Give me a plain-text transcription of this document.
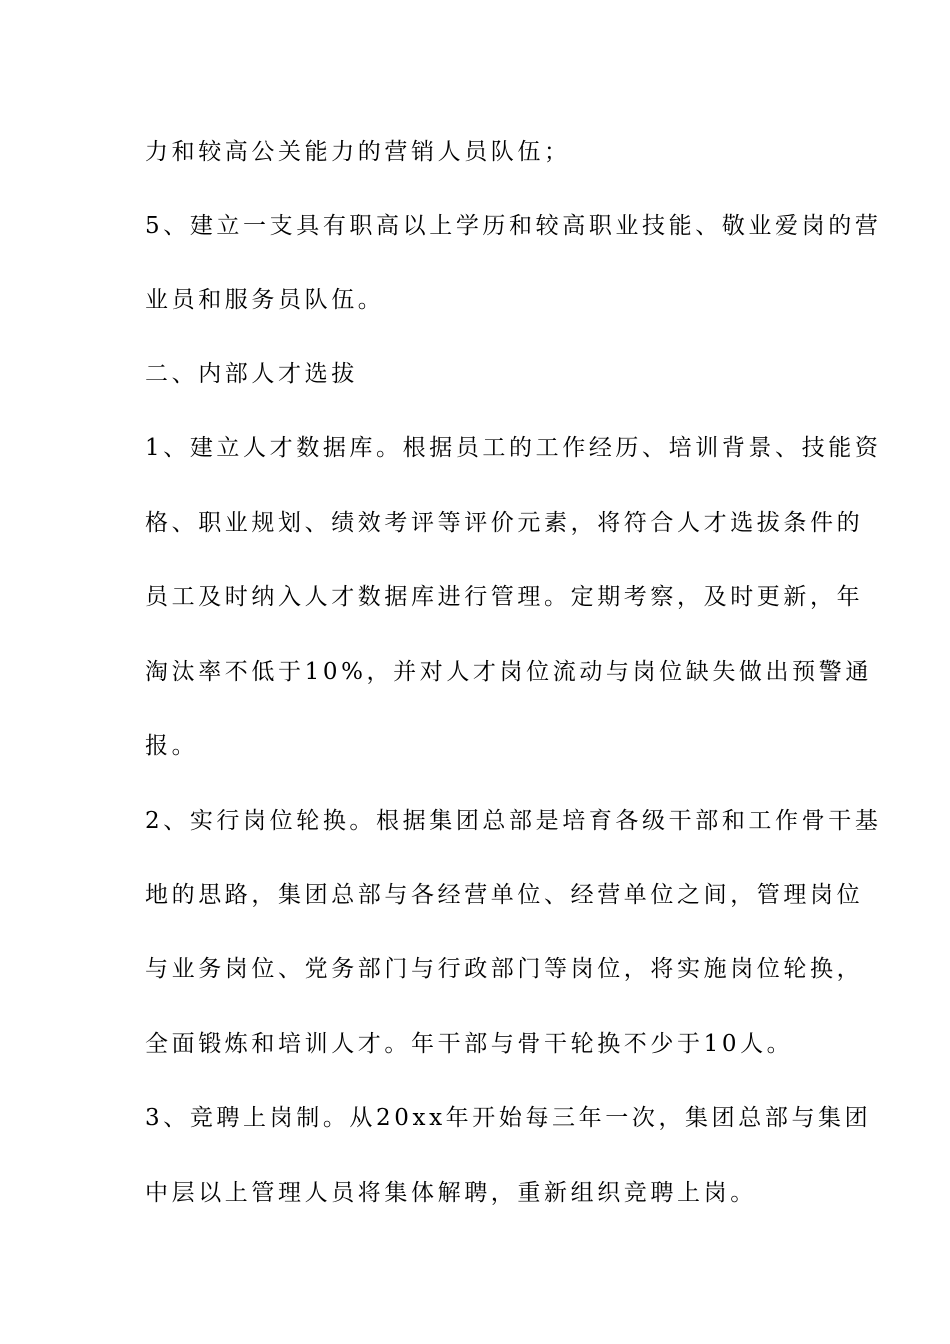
力和较高公关能力的营销人员队伍；
5、建立一支具有职高以上学历和较高职业技能、敬业爱岗的营
业员和服务员队伍。
二、内部人才选拔
1、建立人才数据库。根据员工的工作经历、培训背景、技能资
格、职业规划、绩效考评等评价元素，将符合人才选拔条件的
员工及时纳入人才数据库进行管理。定期考察，及时更新，年
淘汰率不低于10%，并对人才岗位流动与岗位缺失做出预警通
报。
2、实行岗位轮换。根据集团总部是培育各级干部和工作骨干基
地的思路，集团总部与各经营单位、经营单位之间，管理岗位
与业务岗位、党务部门与行政部门等岗位，将实施岗位轮换，
全面锻炼和培训人才。年干部与骨干轮换不少于10人。
3、竞聘上岗制。从20xx年开始每三年一次，集团总部与集团
中层以上管理人员将集体解聘，重新组织竞聘上岗。
